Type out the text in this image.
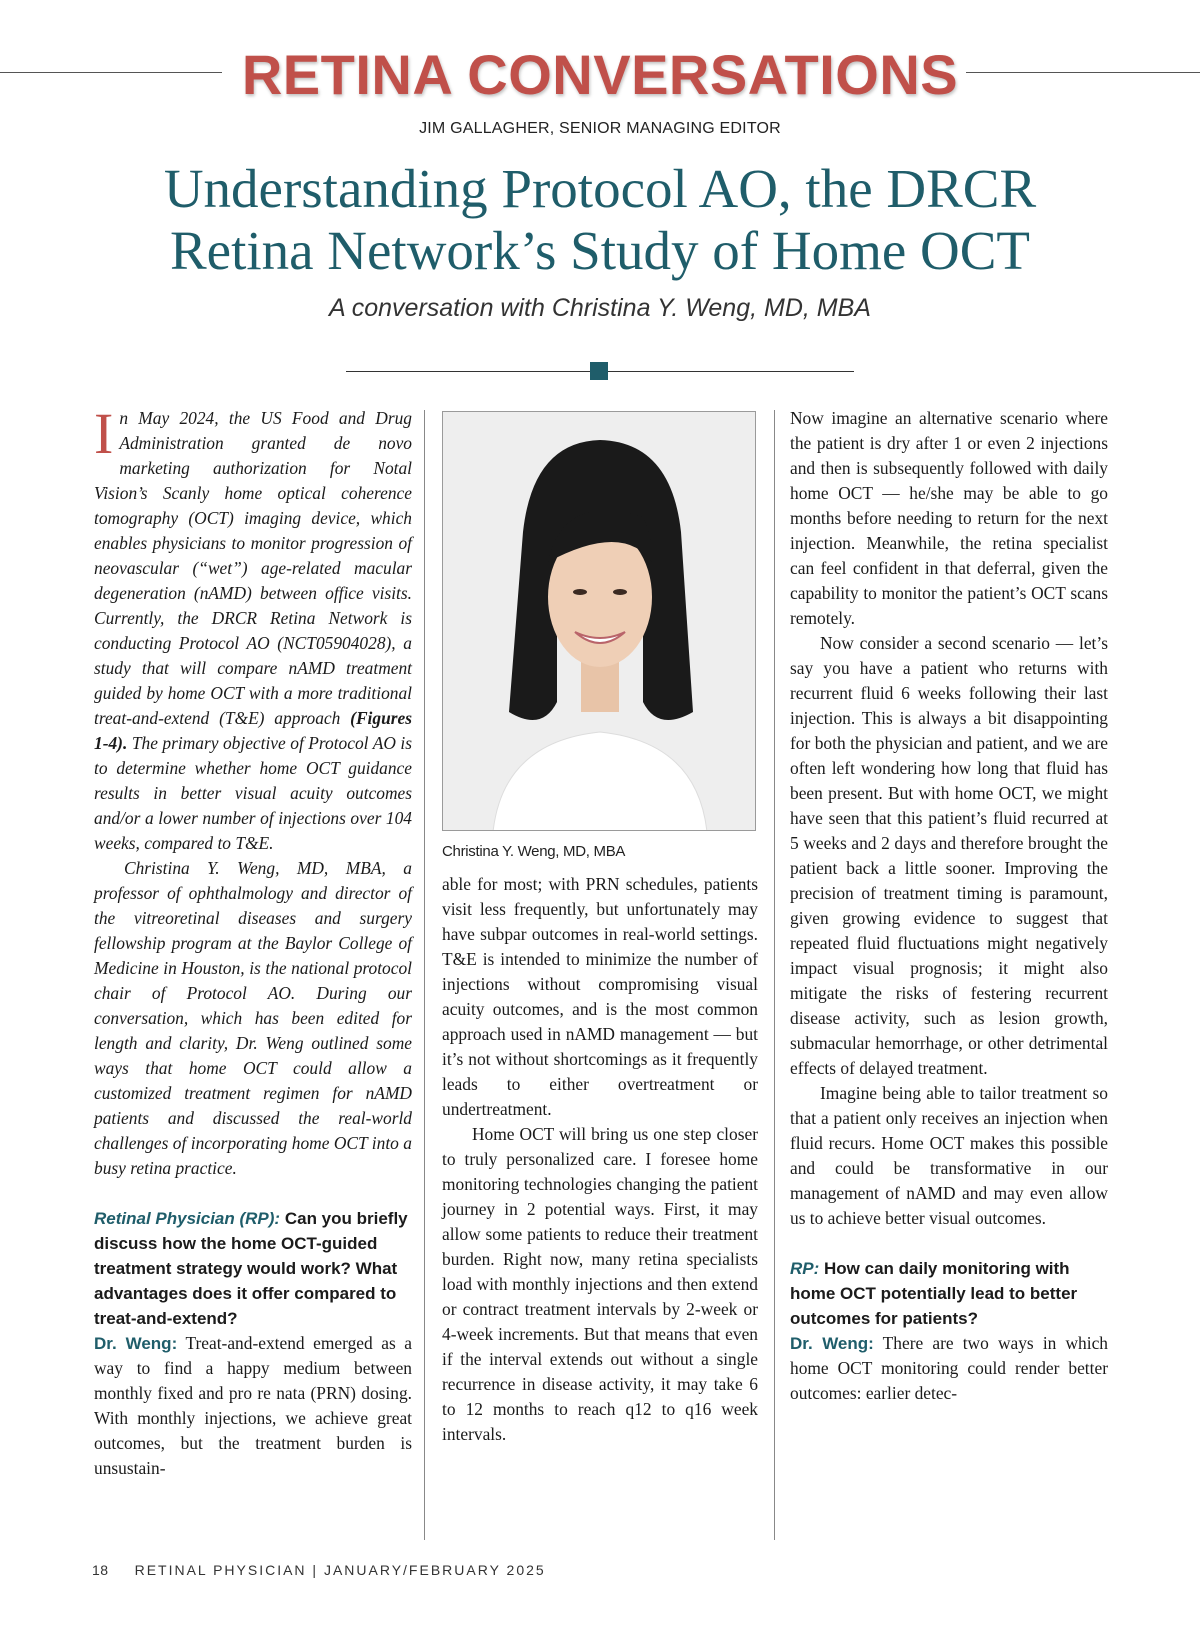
RETINA CONVERSATIONS
JIM GALLAGHER, SENIOR MANAGING EDITOR
Understanding Protocol AO, the DRCR
Retina Network’s Study of Home OCT
A conversation with Christina Y. Weng, MD, MBA

In May 2024, the US Food and Drug Administration granted de novo marketing authorization for Notal Vision’s Scanly home optical coherence tomography (OCT) imaging device, which enables physicians to monitor progression of neovascular (“wet”) age-related macular degeneration (nAMD) between office visits. Currently, the DRCR Retina Network is conducting Protocol AO (NCT05904028), a study that will compare nAMD treatment guided by home OCT with a more traditional treat-and-extend (T&E) approach (Figures 1-4). The primary objective of Protocol AO is to determine whether home OCT guidance results in better visual acuity outcomes and/or a lower number of injections over 104 weeks, compared to T&E.

Christina Y. Weng, MD, MBA, a professor of ophthalmology and director of the vitreoretinal diseases and surgery fellowship program at the Baylor College of Medicine in Houston, is the national protocol chair of Protocol AO. During our conversation, which has been edited for length and clarity, Dr. Weng outlined some ways that home OCT could allow a customized treatment regimen for nAMD patients and discussed the real-world challenges of incorporating home OCT into a busy retina practice.

Retinal Physician (RP): Can you briefly discuss how the home OCT-guided treatment strategy would work? What advantages does it offer compared to treat-and-extend?

Dr. Weng: Treat-and-extend emerged as a way to find a happy medium between monthly fixed and pro re nata (PRN) dosing. With monthly injections, we achieve great outcomes, but the treatment burden is unsustain-

Christina Y. Weng, MD, MBA

able for most; with PRN schedules, patients visit less frequently, but unfortunately may have subpar outcomes in real-world settings. T&E is intended to minimize the number of injections without compromising visual acuity outcomes, and is the most common approach used in nAMD management — but it’s not without shortcomings as it frequently leads to either overtreatment or undertreatment.

Home OCT will bring us one step closer to truly personalized care. I foresee home monitoring technologies changing the patient journey in 2 potential ways. First, it may allow some patients to reduce their treatment burden. Right now, many retina specialists load with monthly injections and then extend or contract treatment intervals by 2-week or 4-week increments. But that means that even if the interval extends out without a single recurrence in disease activity, it may take 6 to 12 months to reach q12 to q16 week intervals.

Now imagine an alternative scenario where the patient is dry after 1 or even 2 injections and then is subsequently followed with daily home OCT — he/she may be able to go months before needing to return for the next injection. Meanwhile, the retina specialist can feel confident in that deferral, given the capability to monitor the patient’s OCT scans remotely.

Now consider a second scenario — let’s say you have a patient who returns with recurrent fluid 6 weeks following their last injection. This is always a bit disappointing for both the physician and patient, and we are often left wondering how long that fluid has been present. But with home OCT, we might have seen that this patient’s fluid recurred at 5 weeks and 2 days and therefore brought the patient back a little sooner. Improving the precision of treatment timing is paramount, given growing evidence to suggest that repeated fluid fluctuations might negatively impact visual prognosis; it might also mitigate the risks of festering recurrent disease activity, such as lesion growth, submacular hemorrhage, or other detrimental effects of delayed treatment.

Imagine being able to tailor treatment so that a patient only receives an injection when fluid recurs. Home OCT makes this possible and could be transformative in our management of nAMD and may even allow us to achieve better visual outcomes.

RP: How can daily monitoring with home OCT potentially lead to better outcomes for patients?

Dr. Weng: There are two ways in which home OCT monitoring could render better outcomes: earlier detec-

18 RETINAL PHYSICIAN | JANUARY/FEBRUARY 2025
